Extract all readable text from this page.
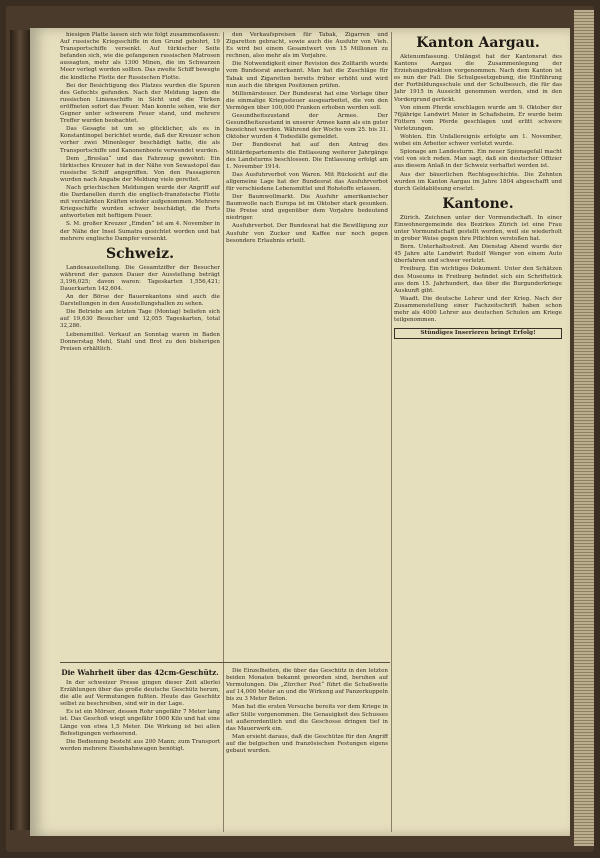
hiesigen Platte lassen sich wie folgt zusammenfassen: Auf russische Kriegsschiffe in den Grund gebohrt, 19 Transportschiffe versenkt. Auf türkischer Seite befanden sich, wie die gefangenen russischen Matrosen aussagten, mehr als 1300 Minen, die im Schwarzen Meer verlegt worden sollten. Das zweite Schiff bewegte die kindliche Flotte der Russischen Flotte.

Bei der Besichtigung des Platzes wurden die Spuren des Gefechts gefunden. Nach der Meldung lagen die russischen Linienschiffe in Sicht und die Türken eröffneten sofort das Feuer. Man konnte sehen, wie der Gegner unter schwerem Feuer stand, und mehrere Treffer wurden beobachtet.

Das Gesagte ist um so glücklicher, als es in Konstantinopel berichtet wurde, daß der Kreuzer schon vorher zwei Minenleger beschädigt hatte, die als Transportschiffe und Kanonenboote verwendet wurden.

Dem „Breslau“ und das Fahrzeug gewohnt: Ein türkisches Kreuzer hat in der Nähe von Sewastopol das russische Schiff angegriffen. Von den Passagieren wurden nach Angabe der Meldung viele gerettet.

Nach griechischen Meldungen wurde der Angriff auf die Dardanellen durch die englisch-französische Flotte mit verstärkten Kräften wieder aufgenommen. Mehrere Kriegsschiffe wurden schwer beschädigt, die Forts antworteten mit heftigem Feuer.

S. M. großer Kreuzer „Emden“ ist am 4. November in der Nähe der Insel Sumatra gesichtet worden und hat mehrere englische Dampfer versenkt.

Schweiz.

Landesausstellung. Die Gesamtziffer der Besucher während der ganzen Dauer der Ausstellung beträgt 3,196,025; davon waren: Tageskarten 1,556,421; Dauerkarten 142,604.

An der Börse der Bauernkantons sind auch die Darstellungen in den Ausstellungshallen zu sehen.

Die Betriebe am letzten Tage (Montag) beliefen sich auf 19,630 Besucher und 12,055 Tageskarten, total 32,286.

Lebensmittel. Verkauf an Sonntag waren in Baden Donnerstag Mehl, Stahl und Brot zu den bisherigen Preisen erhältlich.

den Verkaufspreisen für Tabak, Zigarren und Zigaretten gebracht, sowie auch die Ausfuhr von Vieh. Es wird bei einem Gesamtwert von 15 Millionen zu rechnen, also mehr als im Vorjahre.

Die Notwendigkeit einer Revision des Zolltarifs wurde vom Bundesrat anerkannt. Man hat die Zuschläge für Tabak und Zigaretten bereits früher erhöht und wird nun auch die übrigen Positionen prüfen.

Millionärsteuer. Der Bundesrat hat eine Vorlage über die einmalige Kriegssteuer ausgearbeitet, die von den Vermögen über 100,000 Franken erhoben werden soll.

Gesundheitszustand der Armee. Der Gesundheitszustand in unserer Armee kann als ein guter bezeichnet werden. Während der Woche vom 25. bis 31. Oktober wurden 4 Todesfälle gemeldet.

Der Bundesrat hat auf den Antrag des Militärdepartements die Entlassung weiterer Jahrgänge des Landsturms beschlossen. Die Entlassung erfolgt am 1. November 1914.

Das Ausfuhrverbot von Waren. Mit Rücksicht auf die allgemeine Lage hat der Bundesrat das Ausfuhrverbot für verschiedene Lebensmittel und Rohstoffe erlassen.

Der Baumwollmarkt. Die Ausfuhr amerikanischer Baumwolle nach Europa ist im Oktober stark gesunken. Die Preise sind gegenüber dem Vorjahre bedeutend niedriger.

Ausfuhrverbot. Der Bundesrat hat die Bewilligung zur Ausfuhr von Zucker und Kaffee nur noch gegen besondere Erlaubnis erteilt.

Die Wahrheit über das 42cm-Geschütz.

In der schweizer Presse gingen dieser Zeit allerlei Erzählungen über das große deutsche Geschütz herum, die alle auf Vermutungen fußten. Heute das Geschütz selbst zu beschreiben, sind wir in der Lage.

Es ist ein Mörser, dessen Rohr ungefähr 7 Meter lang ist. Das Geschoß wiegt ungefähr 1000 Kilo und hat eine Länge von etwa 1,5 Meter. Die Wirkung ist bei allen Befestigungen verheerend.

Die Bedienung besteht aus 200 Mann; zum Transport werden mehrere Eisenbahnwagen benötigt.

Die Einzelheiten, die über das Geschütz in den letzten beiden Monaten bekannt geworden sind, beruhen auf Vermutungen. Die „Zürcher Post“ führt die Schußweite auf 14,000 Meter an und die Wirkung auf Panzerkuppeln bis zu 3 Meter Beton.

Man hat die ersten Versuche bereits vor dem Kriege in aller Stille vorgenommen. Die Genauigkeit des Schusses ist außerordentlich und die Geschosse dringen tief in das Mauerwerk ein.

Man ersieht daraus, daß die Geschütze für den Angriff auf die belgischen und französischen Festungen eigens gebaut wurden.

Kanton Aargau.

Aktenumfassung. Unlängst hat der Kantonsrat des Kantons Aargau die Zusammenlegung der Erziehungsdirektion vorgenommen. Nach dem Kanton ist es nun der Fall. Die Schulgesetzgebung, die Einführung der Fortbildungsschule und der Schulbesuch, die für das Jahr 1915 in Aussicht genommen werden, sind in den Vordergrund gerückt.

Von einem Pferde erschlagen wurde am 9. Oktober der 76jährige Landwirt Meier in Schafisheim. Er wurde beim Füttern vom Pferde geschlagen und erlitt schwere Verletzungen.

Wohlen. Ein Unfallereignis erfolgte am 1. November, wobei ein Arbeiter schwer verletzt wurde.

Spionage am Landesturm. Ein neuer Spionagefall macht viel von sich reden. Man sagt, daß ein deutscher Offizier aus diesem Anlaß in der Schweiz verhaftet worden ist.

Aus der bäuerlichen Rechtsgeschichte. Die Zehnten wurden im Kanton Aargau im Jahre 1804 abgeschafft und durch Geldablösung ersetzt.

Kantone.

Zürich. Zeichnen unter der Vormundschaft. In einer Einwohnergemeinde des Bezirkes Zürich ist eine Frau unter Vormundschaft gestellt worden, weil sie wiederholt in grober Weise gegen ihre Pflichten verstoßen hat.

Bern. Unterhaltsstreit. Am Dienstag Abend wurde der 45 Jahre alte Landwirt Rudolf Wenger von einem Auto überfahren und schwer verletzt.

Freiburg. Ein wichtiges Dokument. Unter den Schätzen des Museums in Freiburg befindet sich ein Schriftstück aus dem 15. Jahrhundert, das über die Burgunderkriege Auskunft gibt.

Waadt. Die deutsche Lehrer und der Krieg. Nach der Zusammenstellung einer Fachzeitschrift haben schon mehr als 4000 Lehrer aus deutschen Schulen am Kriege teilgenommen.

Stündiges Inserieren bringt Erfolg!
